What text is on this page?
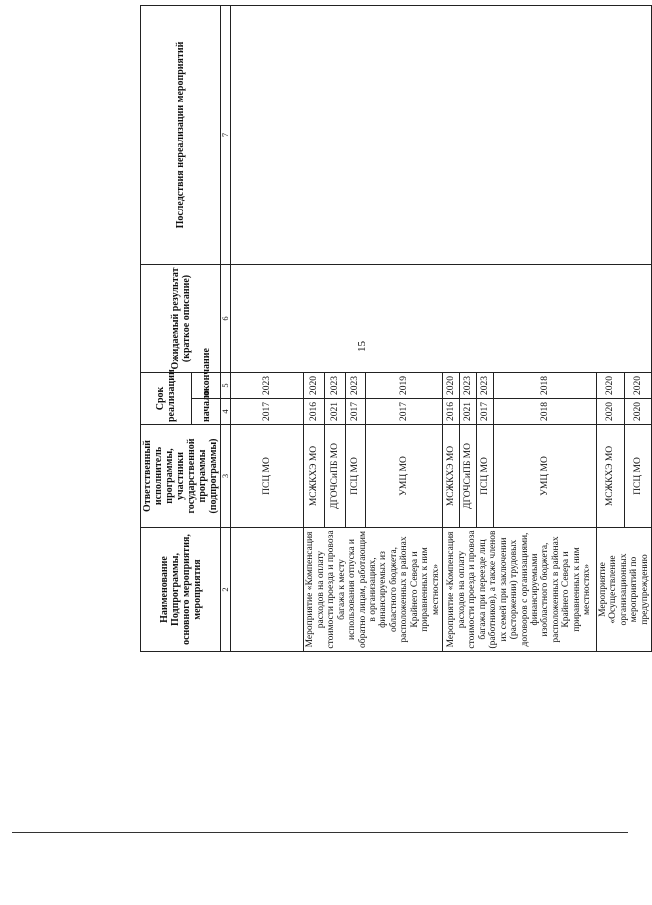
Наименование Подпрограммы, основного мероприятия, мероприятия	Ответственный исполнитель программы, участники государственной программы (подпрограммы)	Срок реализации		Ожидаемый результат (краткое описание)	Последствия нереализации мероприятий
		начало	окончание		
2	3	4	5	6	7
	ПСЦ МО	2017	2023		
Мероприятие «Компенсация расходов на оплату стоимости проезда и провоза багажа к месту использования отпуска и обратно лицам, работающим в организациях, финансируемых из областного бюджета, расположенных в районах Крайнего Севера и приравненных к ним местностях»	МСЖКХЭ МО	2016	2020		
	ДГОЧСиПБ МО	2021	2023		
	ПСЦ МО	2017	2023		
	УМЦ МО	2017	2019		
Мероприятие «Компенсация расходов на оплату стоимости проезда и провоза багажа при переезде лиц (работников), а также членов их семей при заключении (расторжении) трудовых договоров с организациями, финансируемыми изобластного бюджета, расположенных в районах Крайнего Севера и приравненных к ним местностях»	МСЖКХЭ МО	2016	2020		
	ДГОЧСиПБ МО	2021	2023		
	ПСЦ МО	2017	2023		
	УМЦ МО	2018	2018		
Мероприятие «Осуществление организационных мероприятий по предупреждению	МСЖКХЭ МО	2020	2020		
	ПСЦ МО	2020	2020		
15
